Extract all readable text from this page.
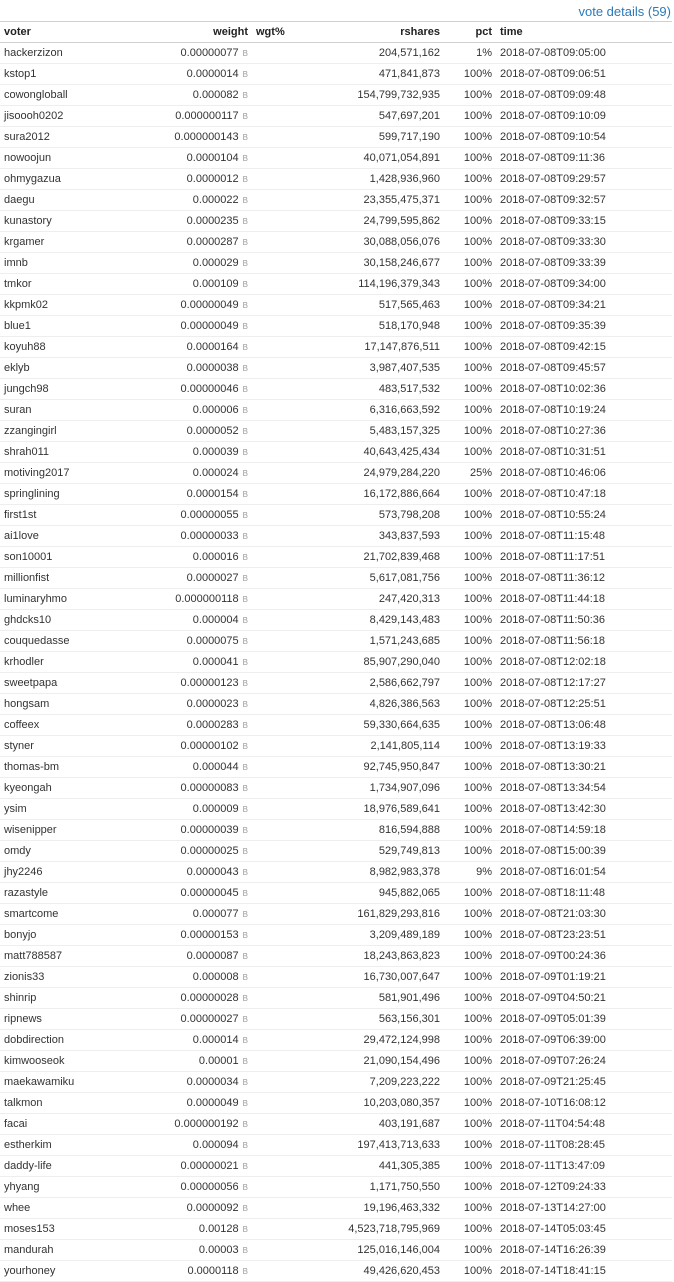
vote details (59)
voter	weight	wgt%	rshares	pct	time
hackerzizon	0.00000077 B		204,571,162	1%	2018-07-08T09:05:00
kstop1	0.0000014 B		471,841,873	100%	2018-07-08T09:06:51
cowongloball	0.000082 B		154,799,732,935	100%	2018-07-08T09:09:48
jisoooh0202	0.000000117 B		547,697,201	100%	2018-07-08T09:10:09
sura2012	0.000000143 B		599,717,190	100%	2018-07-08T09:10:54
nowoojun	0.0000104 B		40,071,054,891	100%	2018-07-08T09:11:36
ohmygazua	0.0000012 B		1,428,936,960	100%	2018-07-08T09:29:57
daegu	0.000022 B		23,355,475,371	100%	2018-07-08T09:32:57
kunastory	0.0000235 B		24,799,595,862	100%	2018-07-08T09:33:15
krgamer	0.0000287 B		30,088,056,076	100%	2018-07-08T09:33:30
imnb	0.000029 B		30,158,246,677	100%	2018-07-08T09:33:39
tmkor	0.000109 B		114,196,379,343	100%	2018-07-08T09:34:00
kkpmk02	0.00000049 B		517,565,463	100%	2018-07-08T09:34:21
blue1	0.00000049 B		518,170,948	100%	2018-07-08T09:35:39
koyuh88	0.0000164 B		17,147,876,511	100%	2018-07-08T09:42:15
eklyb	0.0000038 B		3,987,407,535	100%	2018-07-08T09:45:57
jungch98	0.00000046 B		483,517,532	100%	2018-07-08T10:02:36
suran	0.000006 B		6,316,663,592	100%	2018-07-08T10:19:24
zzangingirl	0.0000052 B		5,483,157,325	100%	2018-07-08T10:27:36
shrah011	0.000039 B		40,643,425,434	100%	2018-07-08T10:31:51
motiving2017	0.000024 B		24,979,284,220	25%	2018-07-08T10:46:06
springlining	0.0000154 B		16,172,886,664	100%	2018-07-08T10:47:18
first1st	0.00000055 B		573,798,208	100%	2018-07-08T10:55:24
ai1love	0.00000033 B		343,837,593	100%	2018-07-08T11:15:48
son10001	0.000016 B		21,702,839,468	100%	2018-07-08T11:17:51
millionfist	0.0000027 B		5,617,081,756	100%	2018-07-08T11:36:12
luminaryhmo	0.000000118 B		247,420,313	100%	2018-07-08T11:44:18
ghdcks10	0.000004 B		8,429,143,483	100%	2018-07-08T11:50:36
couquedasse	0.0000075 B		1,571,243,685	100%	2018-07-08T11:56:18
krhodler	0.000041 B		85,907,290,040	100%	2018-07-08T12:02:18
sweetpapa	0.00000123 B		2,586,662,797	100%	2018-07-08T12:17:27
hongsam	0.0000023 B		4,826,386,563	100%	2018-07-08T12:25:51
coffeex	0.0000283 B		59,330,664,635	100%	2018-07-08T13:06:48
styner	0.00000102 B		2,141,805,114	100%	2018-07-08T13:19:33
thomas-bm	0.000044 B		92,745,950,847	100%	2018-07-08T13:30:21
kyeongah	0.00000083 B		1,734,907,096	100%	2018-07-08T13:34:54
ysim	0.000009 B		18,976,589,641	100%	2018-07-08T13:42:30
wisenipper	0.00000039 B		816,594,888	100%	2018-07-08T14:59:18
omdy	0.00000025 B		529,749,813	100%	2018-07-08T15:00:39
jhy2246	0.0000043 B		8,982,983,378	9%	2018-07-08T16:01:54
razastyle	0.00000045 B		945,882,065	100%	2018-07-08T18:11:48
smartcome	0.000077 B		161,829,293,816	100%	2018-07-08T21:03:30
bonyjo	0.00000153 B		3,209,489,189	100%	2018-07-08T23:23:51
matt788587	0.0000087 B		18,243,863,823	100%	2018-07-09T00:24:36
zionis33	0.000008 B		16,730,007,647	100%	2018-07-09T01:19:21
shinrip	0.00000028 B		581,901,496	100%	2018-07-09T04:50:21
ripnews	0.00000027 B		563,156,301	100%	2018-07-09T05:01:39
dobdirection	0.000014 B		29,472,124,998	100%	2018-07-09T06:39:00
kimwooseok	0.00001 B		21,090,154,496	100%	2018-07-09T07:26:24
maekawamiku	0.0000034 B		7,209,223,222	100%	2018-07-09T21:25:45
talkmon	0.0000049 B		10,203,080,357	100%	2018-07-10T16:08:12
facai	0.000000192 B		403,191,687	100%	2018-07-11T04:54:48
estherkim	0.000094 B		197,413,713,633	100%	2018-07-11T08:28:45
daddy-life	0.00000021 B		441,305,385	100%	2018-07-11T13:47:09
yhyang	0.00000056 B		1,171,750,550	100%	2018-07-12T09:24:33
whee	0.0000092 B		19,196,463,332	100%	2018-07-13T14:27:00
moses153	0.00128 B		4,523,718,795,969	100%	2018-07-14T05:03:45
mandurah	0.00003 B		125,016,146,004	100%	2018-07-14T16:26:39
yourhoney	0.0000118 B		49,426,620,453	100%	2018-07-14T18:41:15
